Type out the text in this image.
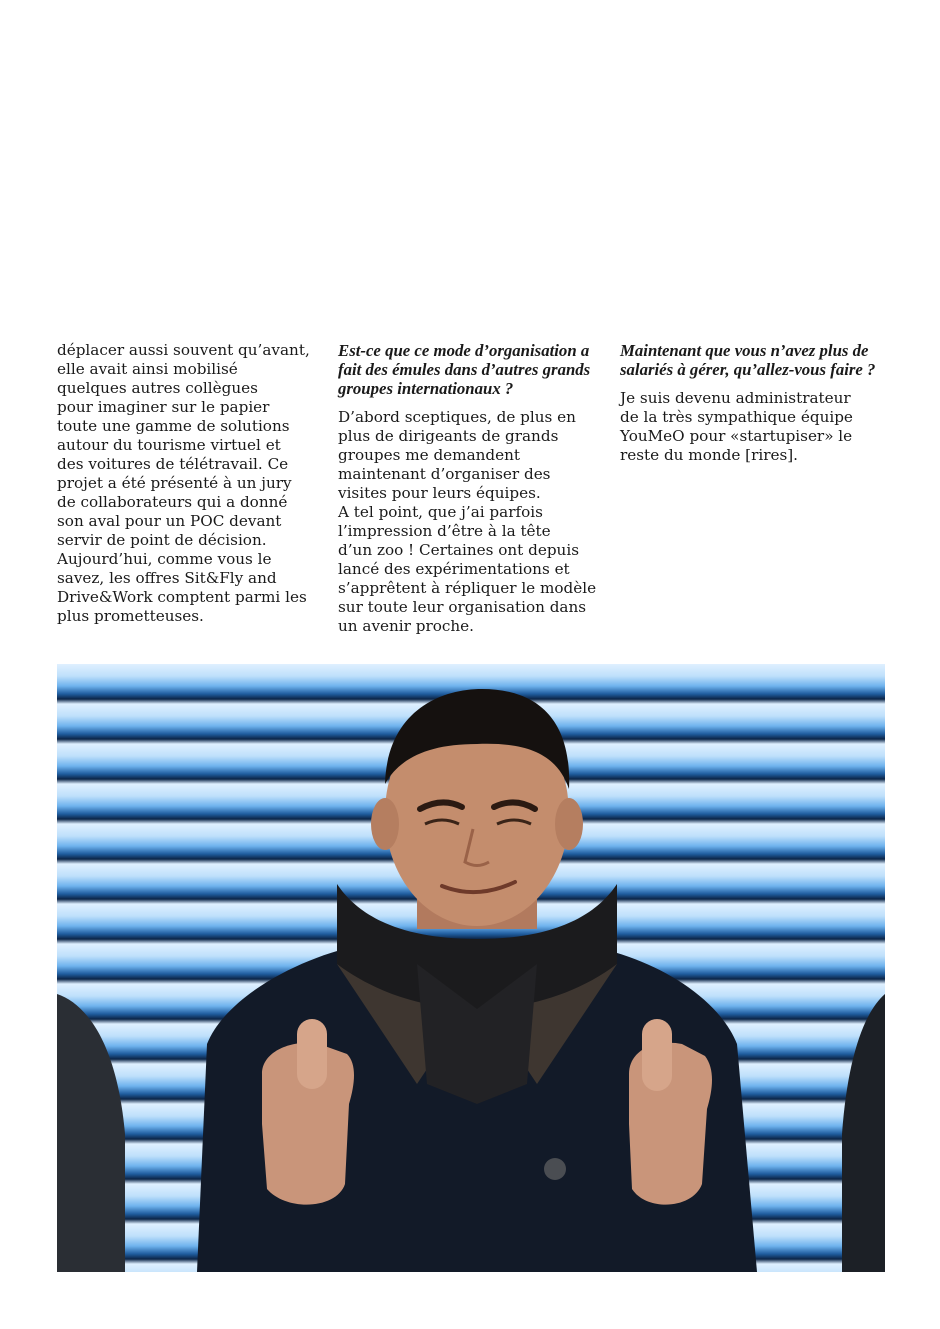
déplacer aussi souvent qu’avant,
elle avait ainsi mobilisé
quelques autres collègues
pour imaginer sur le papier
toute une gamme de solutions
autour du tourisme virtuel et
des voitures de télétravail. Ce
projet a été présenté à un jury
de collaborateurs qui a donné
son aval pour un POC devant
servir de point de décision.
Aujourd’hui, comme vous le
savez, les offres Sit&Fly and
Drive&Work comptent parmi les
plus prometteuses.

Est-ce que ce mode d’organisation a fait des émules dans d’autres grands groupes internationaux ?

D’abord sceptiques, de plus en
plus de dirigeants de grands
groupes me demandent
maintenant d’organiser des
visites pour leurs équipes.
A tel point, que j’ai parfois
l’impression d’être à la tête
d’un zoo ! Certaines ont depuis
lancé des expérimentations et
s’apprêtent à répliquer le modèle
sur toute leur organisation dans
un avenir proche.

Maintenant que vous n’avez plus de salariés à gérer, qu’allez-vous faire ?

Je suis devenu administrateur
de la très sympathique équipe
YouMeO pour «startupiser» le
reste du monde [rires].
